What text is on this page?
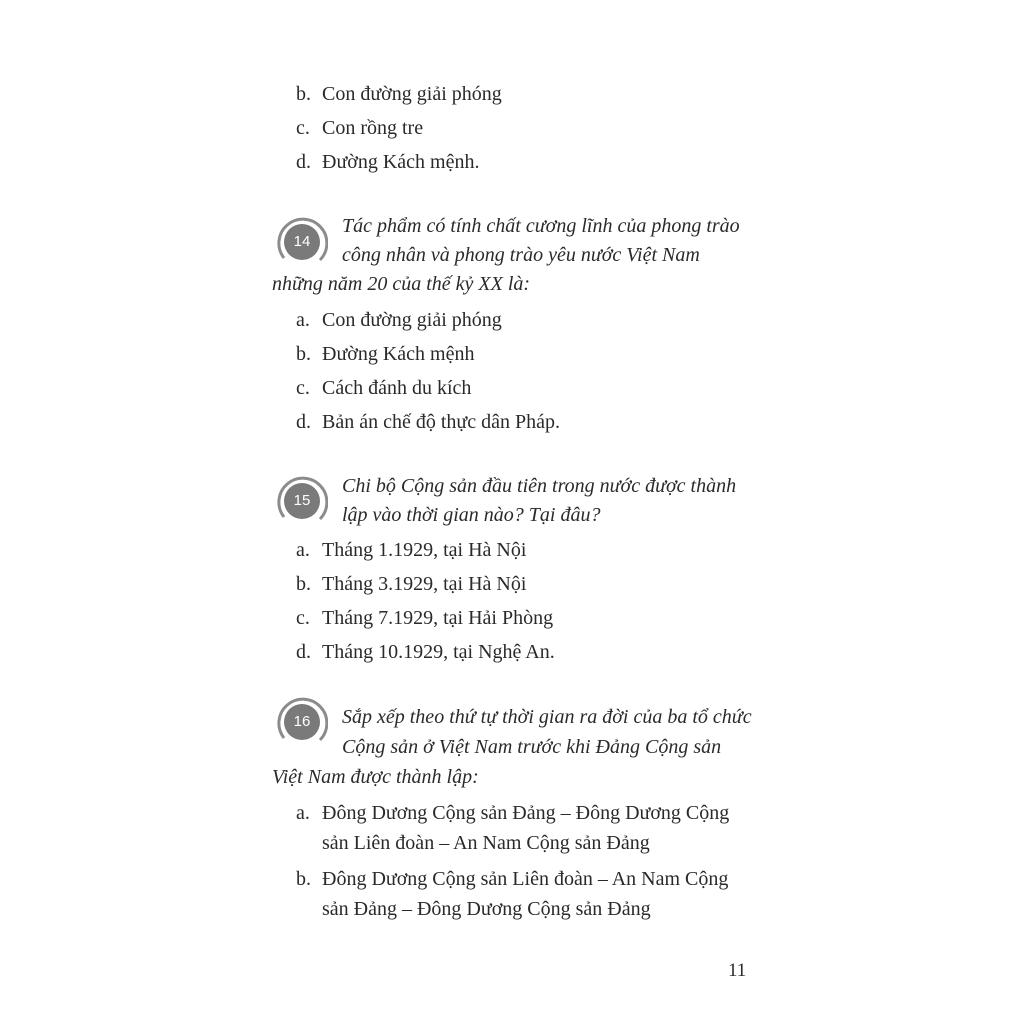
b. Con đường giải phóng
c. Con rồng tre
d. Đường Kách mệnh.
14
Tác phẩm có tính chất cương lĩnh của phong trào
công nhân và phong trào yêu nước Việt Nam
những năm 20 của thế kỷ XX là:
a. Con đường giải phóng
b. Đường Kách mệnh
c. Cách đánh du kích
d. Bản án chế độ thực dân Pháp.
15
Chi bộ Cộng sản đầu tiên trong nước được thành
lập vào thời gian nào? Tại đâu?
a. Tháng 1.1929, tại Hà Nội
b. Tháng 3.1929, tại Hà Nội
c. Tháng 7.1929, tại Hải Phòng
d. Tháng 10.1929, tại Nghệ An.
16	Sắp xếp theo thứ tự thời gian ra đời của ba tổ chức
Cộng sản ở Việt Nam trước khi Đảng Cộng sản
Việt Nam được thành lập:
a. Đông Dương Cộng sản Đảng – Đông Dương Cộng
sản Liên đoàn – An Nam Cộng sản Đảng
b. Đông Dương Cộng sản Liên đoàn – An Nam Cộng
sản Đảng – Đông Dương Cộng sản Đảng
11
